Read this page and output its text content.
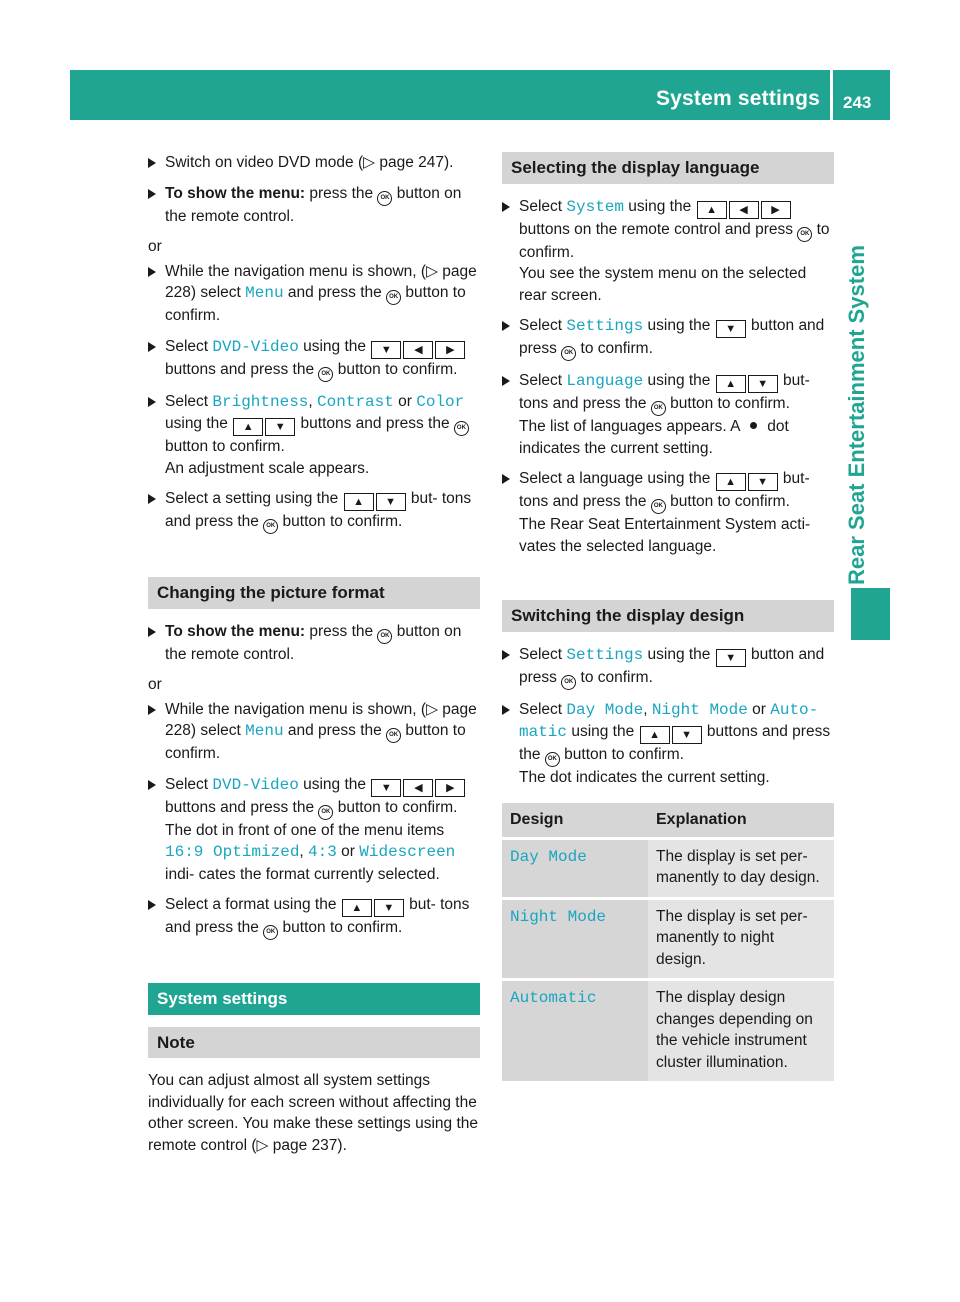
System settings 243
Rear Seat Entertainment System
Switch on video DVD mode (▷ page 247).
To show the menu: press the OK button on the remote control.
or
While the navigation menu is shown, (▷ page 228) select Menu and press the OK button to confirm.
Select DVD-Video using the ▼ ◀ ▶ buttons and press the OK button to confirm.
Select Brightness, Contrast or Color using the ▲ ▼ buttons and press the OK button to confirm.
An adjustment scale appears.
Select a setting using the ▲ ▼ but- tons and press the OK button to confirm.
Changing the picture format
To show the menu: press the OK button on the remote control.
or
While the navigation menu is shown, (▷ page 228) select Menu and press the OK button to confirm.
Select DVD-Video using the ▼ ◀ ▶ buttons and press the OK button to confirm.
The dot in front of one of the menu items 16:9 Optimized, 4:3 or Widescreen indi- cates the format currently selected.
Select a format using the ▲ ▼ but- tons and press the OK button to confirm.
System settings
Note
You can adjust almost all system settings individually for each screen without affecting the other screen. You make these settings using the remote control (▷ page 237).
Selecting the display language
Select System using the ▲ ◀ ▶ buttons on the remote control and press OK to confirm.
You see the system menu on the selected rear screen.
Select Settings using the ▼ button and press OK to confirm.
Select Language using the ▲ ▼ but- tons and press the OK button to confirm.
The list of languages appears. A  dot indicates the current setting.
Select a language using the ▲ ▼ but- tons and press the OK button to confirm.
The Rear Seat Entertainment System acti- vates the selected language.
Switching the display design
Select Settings using the ▼ button and press OK to confirm.
Select Day Mode, Night Mode or Auto- matic using the ▲ ▼ buttons and press the OK button to confirm.
The dot indicates the current setting.
Design	Explanation
Day Mode	The display is set per- manently to day design.
Night Mode	The display is set per- manently to night design.
Automatic	The display design changes depending on the vehicle instrument cluster illumination.
